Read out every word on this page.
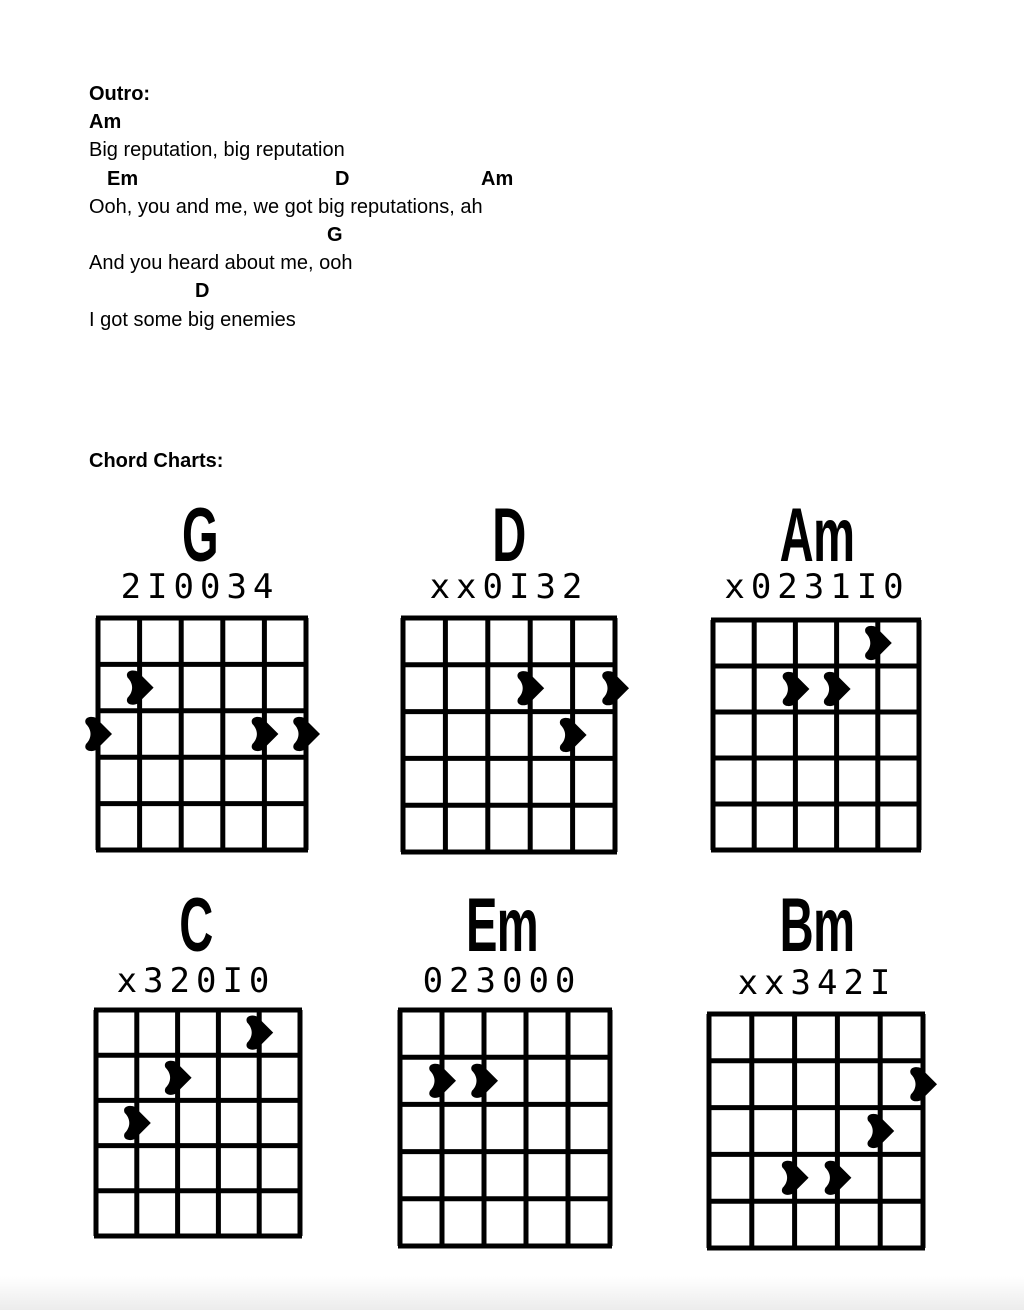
Outro:
Am
Big reputation, big reputation
Em	D	Am
Ooh, you and me, we got big reputations, ah
G
And you heard about me, ooh
D
I got some big enemies
Chord Charts:
G
2I0034
D
xx0I32
Am
x0231I0
C
x320I0
Em
023000
Bm
xx342I
